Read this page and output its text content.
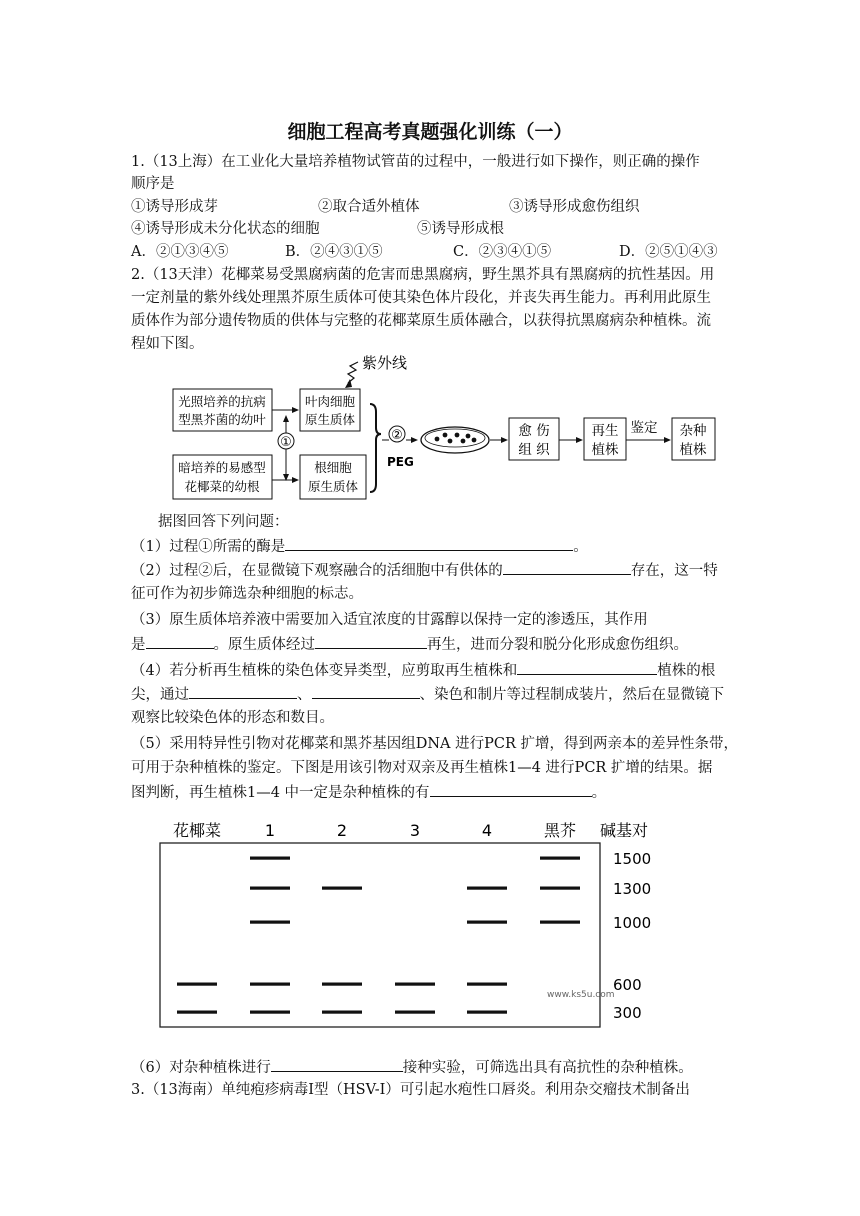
细胞工程高考真题强化训练（一）
1.（13上海）在工业化大量培养植物试管苗的过程中，一般进行如下操作，则正确的操作
顺序是
①诱导形成芽	②取合适外植体	③诱导形成愈伤组织
④诱导形成未分化状态的细胞	⑤诱导形成根
A．②①③④⑤	B．②④③①⑤	C．②③④①⑤	D．②⑤①④③
2.（13天津）花椰菜易受黑腐病菌的危害而患黑腐病，野生黑芥具有黑腐病的抗性基因。用
一定剂量的紫外线处理黑芥原生质体可使其染色体片段化，并丧失再生能力。再利用此原生
质体作为部分遗传物质的供体与完整的花椰菜原生质体融合，以获得抗黑腐病杂种植株。流
程如下图。
紫外线
光照培养的抗病
型黑芥菌的幼叶
叶肉细胞
原生质体
①
暗培养的易感型
花椰菜的幼根
根细胞
原生质体
②
PEG
愈 伤
组 织
再生
植株
鉴定 杂种
植株
据图回答下列问题：
（1）过程①所需的酶是	。
（2）过程②后，在显微镜下观察融合的活细胞中有供体的	存在，这一特
征可作为初步筛选杂种细胞的标志。
（3）原生质体培养液中需要加入适宜浓度的甘露醇以保持一定的渗透压，其作用
是	。原生质体经过	再生，进而分裂和脱分化形成愈伤组织。
（4）若分析再生植株的染色体变异类型，应剪取再生植株和	植株的根
尖，通过	、	、染色和制片等过程制成装片，然后在显微镜下
观察比较染色体的形态和数目。
（5）采用特异性引物对花椰菜和黑芥基因组DNA 进行PCR 扩增，得到两亲本的差异性条带，
可用于杂种植株的鉴定。下图是用该引物对双亲及再生植株1—4 进行PCR 扩增的结果。据
图判断，再生植株1—4 中一定是杂种植株的有	。
www.ks5u.com
花椰菜	1	2	3	4	黑芥
1500
1300
1000
600
300
碱基对
（6）对杂种植株进行	接种实验，可筛选出具有高抗性的杂种植株。
3.（13海南）单纯疱疹病毒Ⅰ型（HSV-Ⅰ）可引起水疱性口唇炎。利用杂交瘤技术制备出
